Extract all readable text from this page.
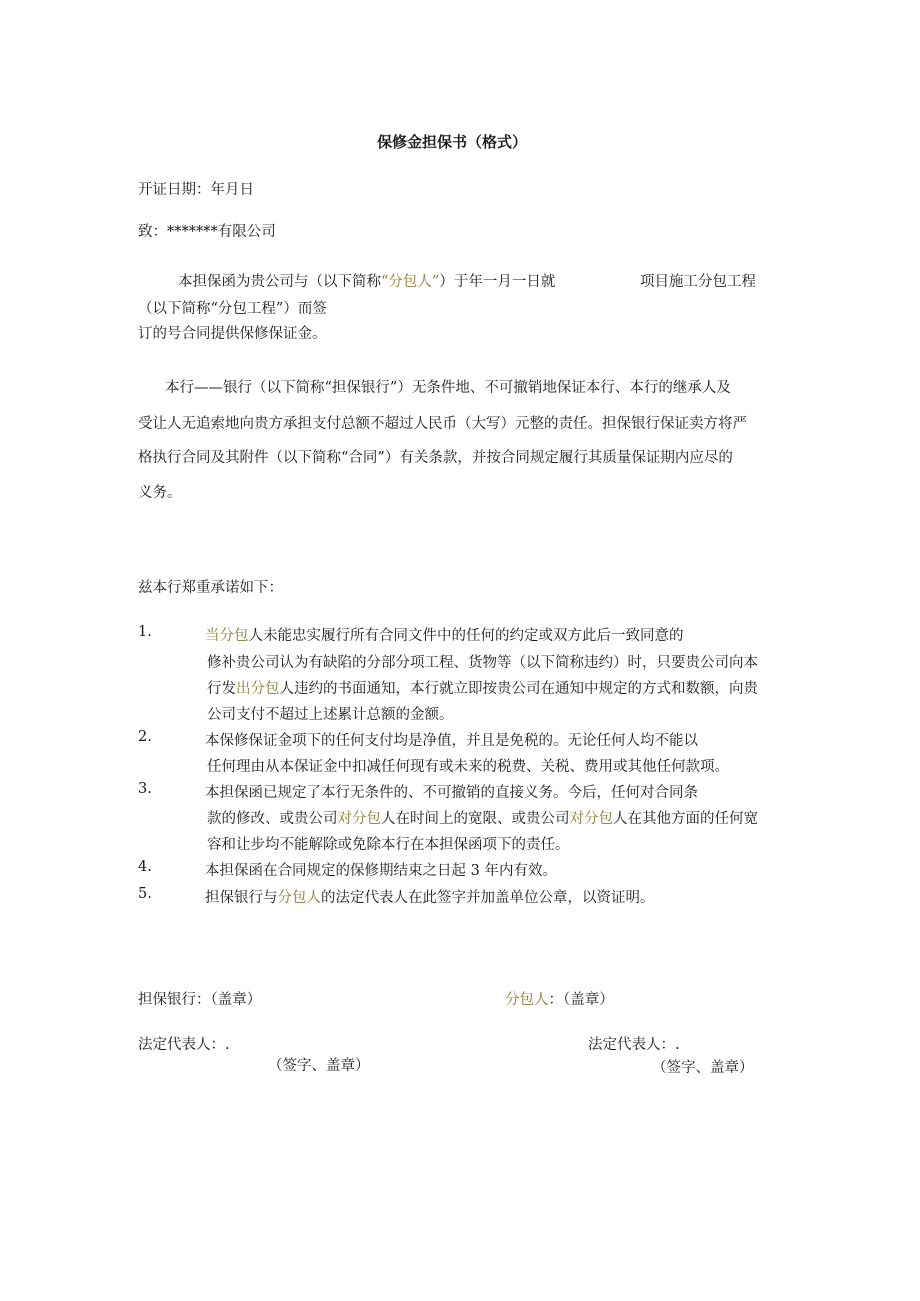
保修金担保书（格式）
开证日期：年月日
致：*******有限公司
本担保函为贵公司与（以下简称“分包人”）于年一月一日就	项目施工分包工程
（以下简称“分包工程”）而签
订的号合同提供保修保证金。
本行——银行（以下简称“担保银行”）无条件地、不可撤销地保证本行、本行的继承人及
受让人无追索地向贵方承担支付总额不超过人民币（大写）元整的责任。担保银行保证卖方将严
格执行合同及其附件（以下简称“合同”）有关条款，并按合同规定履行其质量保证期内应尽的
义务。
兹本行郑重承诺如下：
1.	当分包人未能忠实履行所有合同文件中的任何的约定或双方此后一致同意的
修补贵公司认为有缺陷的分部分项工程、货物等（以下简称违约）时，只要贵公司向本
行发出分包人违约的书面通知，本行就立即按贵公司在通知中规定的方式和数额，向贵
公司支付不超过上述累计总额的金额。
2.	本保修保证金项下的任何支付均是净值，并且是免税的。无论任何人均不能以
任何理由从本保证金中扣减任何现有或未来的税费、关税、费用或其他任何款项。
3.	本担保函已规定了本行无条件的、不可撤销的直接义务。今后，任何对合同条
款的修改、或贵公司对分包人在时间上的宽限、或贵公司对分包人在其他方面的任何宽
容和让步均不能解除或免除本行在本担保函项下的责任。
4.	本担保函在合同规定的保修期结束之日起 3 年内有效。
5.	担保银行与分包人的法定代表人在此签字并加盖单位公章，以资证明。
担保银行：（盖章）	分包人：（盖章）
法定代表人：.	法定代表人：.
（签字、盖章）	（签字、盖章）
